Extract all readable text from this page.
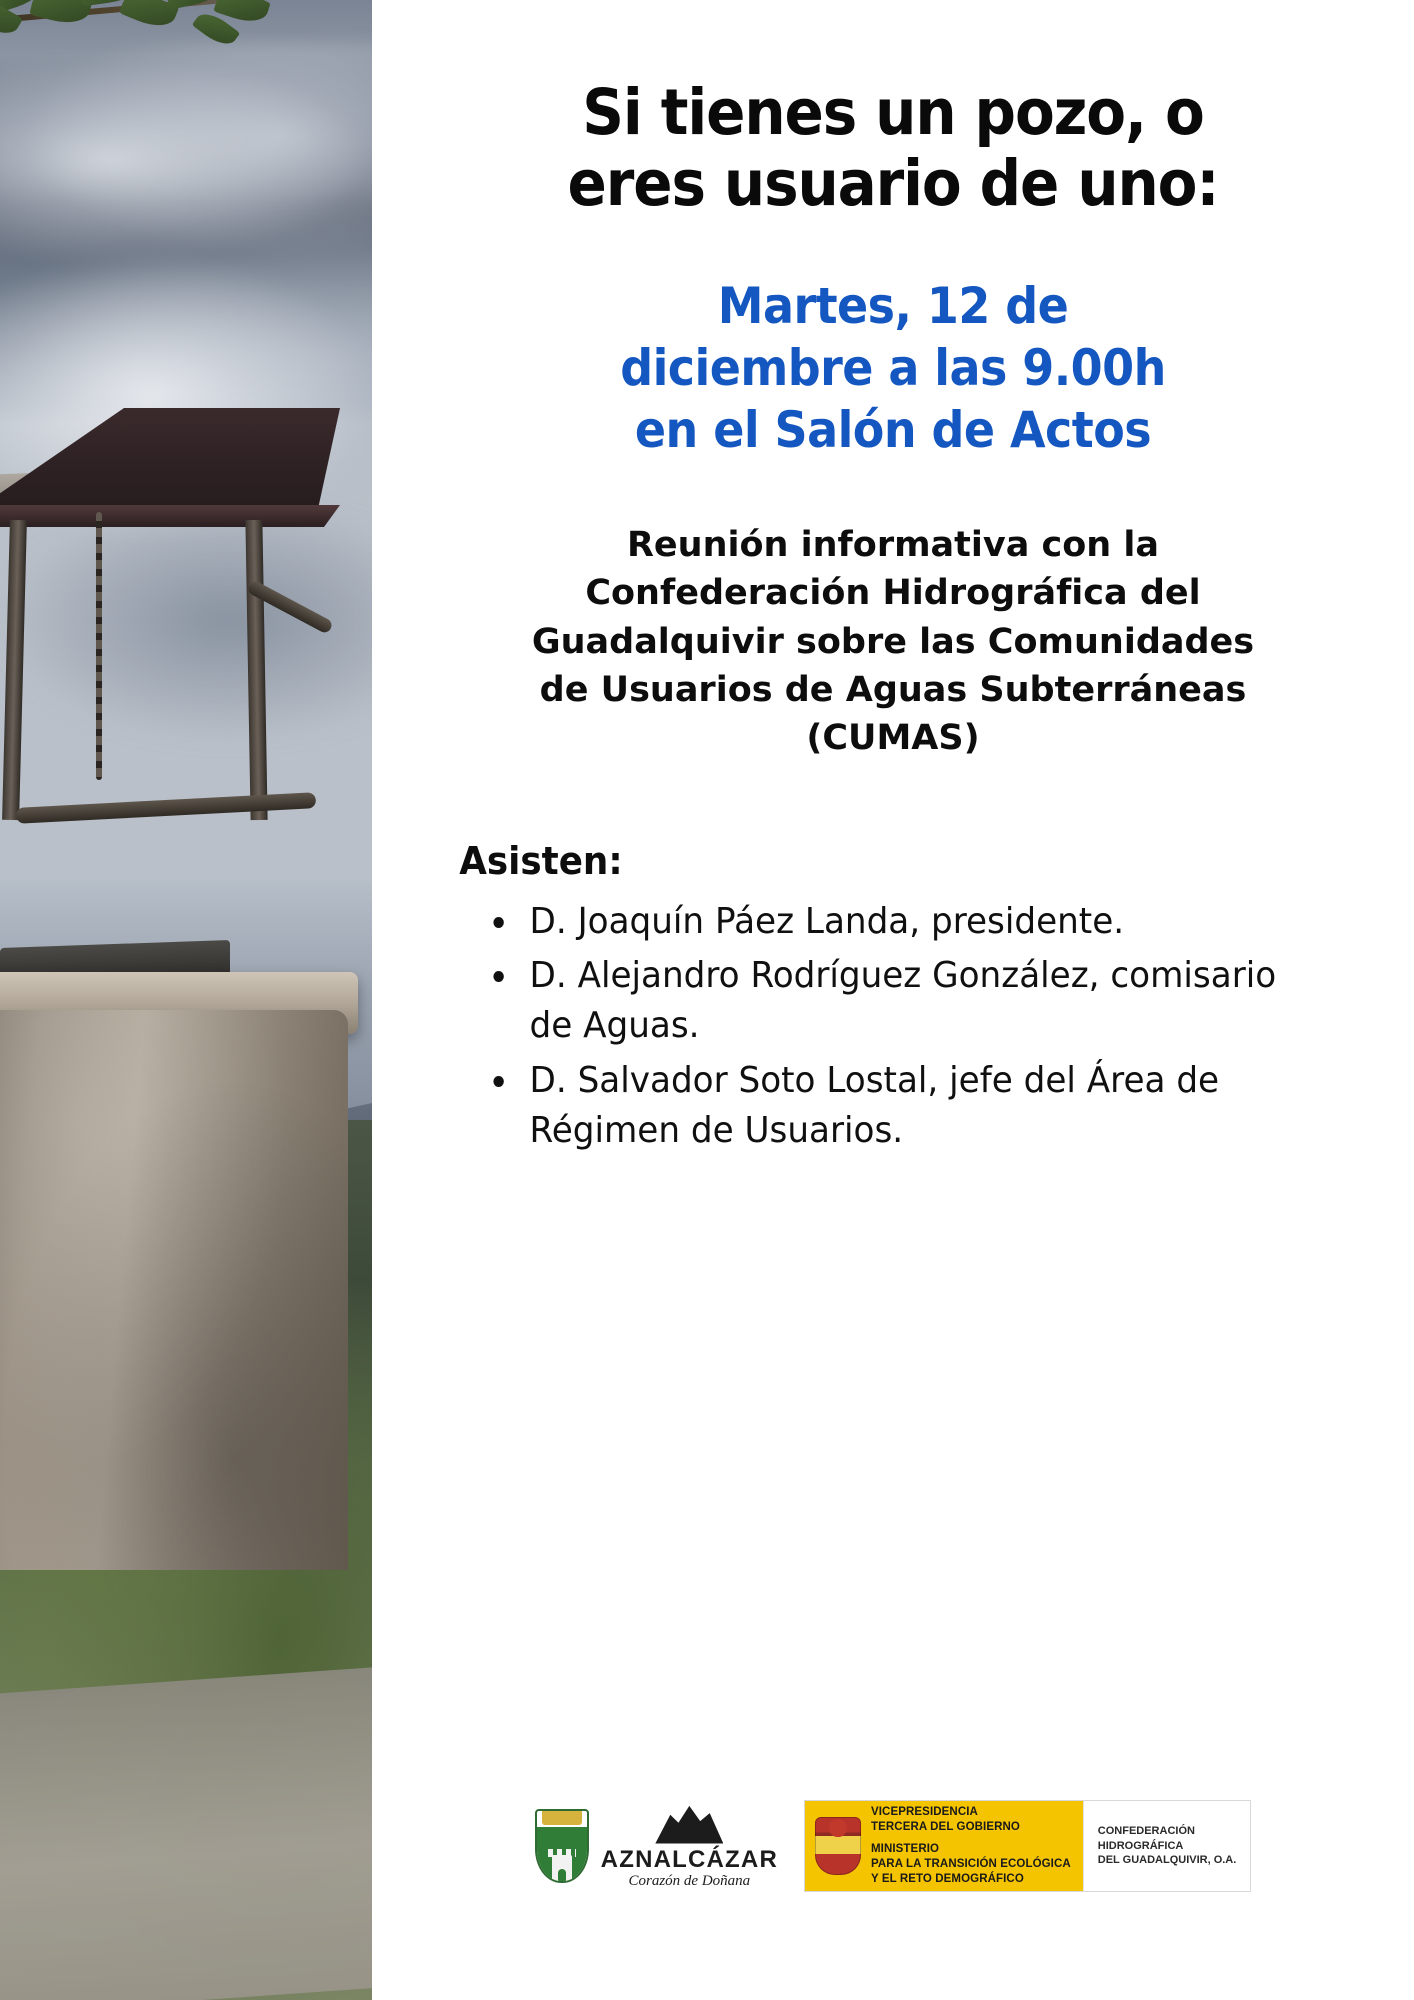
Si tienes un pozo, o
eres usuario de uno:
Martes, 12 de
diciembre a las 9.00h
en el Salón de Actos

Reunión informativa con la Confederación Hidrográfica del Guadalquivir sobre las Comunidades de Usuarios de Aguas Subterráneas (CUMAS)

Asisten:
• D. Joaquín Páez Landa, presidente.
• D. Alejandro Rodríguez González, comisario de Aguas.
• D. Salvador Soto Lostal, jefe del Área de Régimen de Usuarios.
AZNALCÁZAR
Corazón de Doñana
VICEPRESIDENCIA
TERCERA DEL GOBIERNO
MINISTERIO
PARA LA TRANSICIÓN ECOLÓGICA
Y EL RETO DEMOGRÁFICO
CONFEDERACIÓN
HIDROGRÁFICA
DEL GUADALQUIVIR, O.A.
